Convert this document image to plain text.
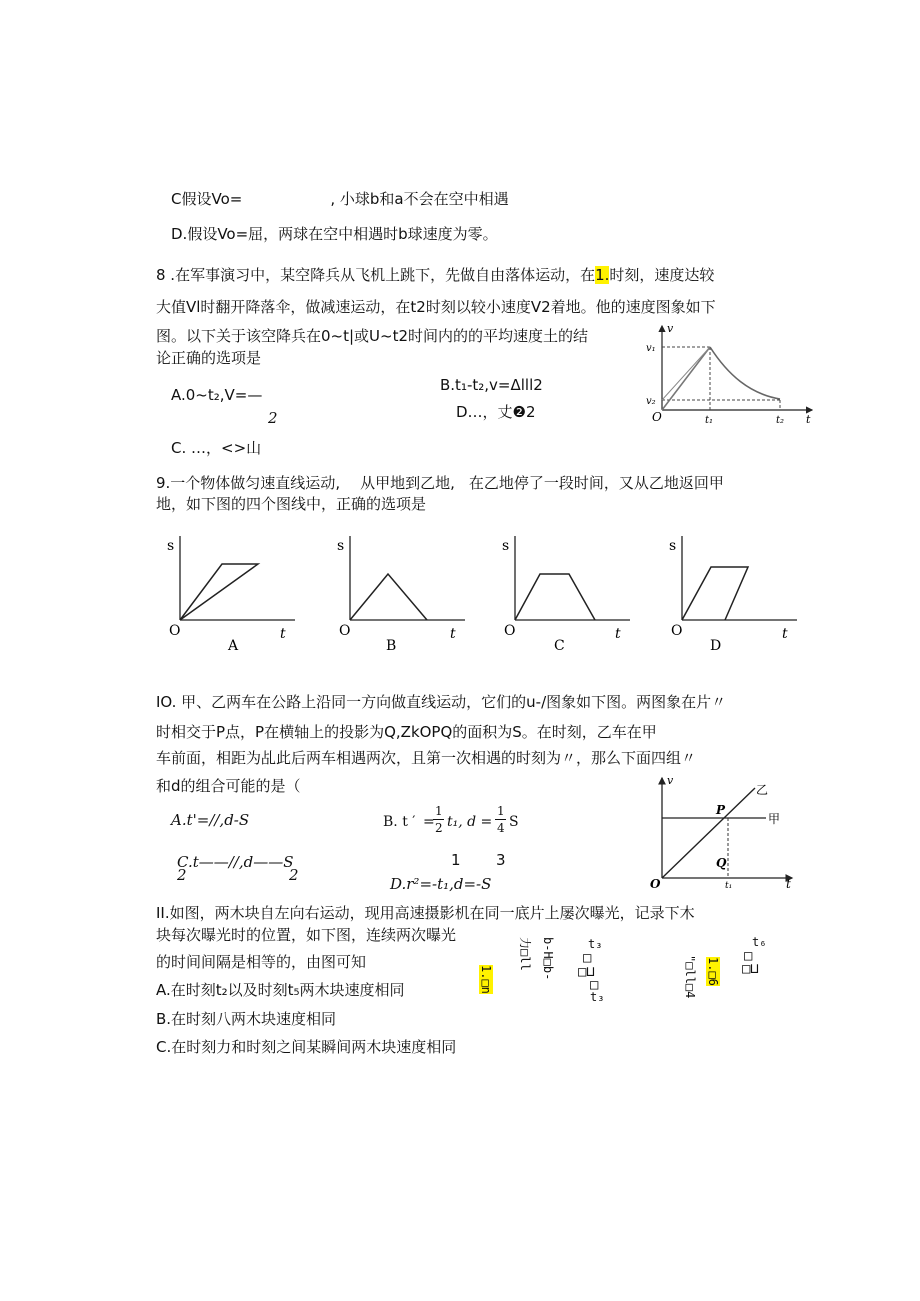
C假设Vo=	, 小球b和a不会在空中相遇
D.假设Vo=屈，两球在空中相遇时b球速度为零。
8 .在军事演习中，某空降兵从飞机上跳下，先做自由落体运动，在1.时刻，速度达较
大值Vl时翻开降落伞，做减速运动，在t2时刻以较小速度V2着地。他的速度图象如下
图。以下关于该空降兵在0~t|或U~t2时间内的的平均速度土的结
论正确的选项是
A.0~t₂,V=—
2
B.t₁-t₂,v=Δlll2
D…，丈❷2
C. …，<>山
v
v₁
v₂
O	t₁	t₂ t
9.一个物体做匀速直线运动, 从甲地到乙地, 在乙地停了一段时间，又从乙地返回甲
地，如下图的四个图线中，正确的选项是
s
O	t
A
s
O	t
B
s
O	t
C
s
O	t
D
IO. 甲、乙两车在公路上沿同一方向做直线运动，它们的u-/图象如下图。两图象在片〃
时相交于P点，P在横轴上的投影为Q,ZkOPQ的面积为S。在时刻，乙车在甲
车前面，相距为乩此后两车相遇两次，且第一次相遇的时刻为〃，那么下面四组〃
和d的组合可能的是（
A.t'=//,d-S	B. t ′ =
1
2 t₁, d =
1
4 S
1 3
C.t——//,d——S
2	2	D.r²=-t₁,d=-S
v
乙
甲
P
Q
O	t₁	t
II.如图，两木块自左向右运动，现用高速摄影机在同一底片上屡次曝光，记录下木
块每次曝光时的位置，如下图，连续两次曝光
的时间间隔是相等的，由图可知
A.在时刻t₂以及时刻t₅两木块速度相同
B.在时刻八两木块速度相同
C.在时刻力和时刻之间某瞬间两木块速度相同
1.□n
力□ll b-H□b-	t₃
□
□⊔
□
t₃
1.□6
"□ll□4
t₆
□
□⊔
